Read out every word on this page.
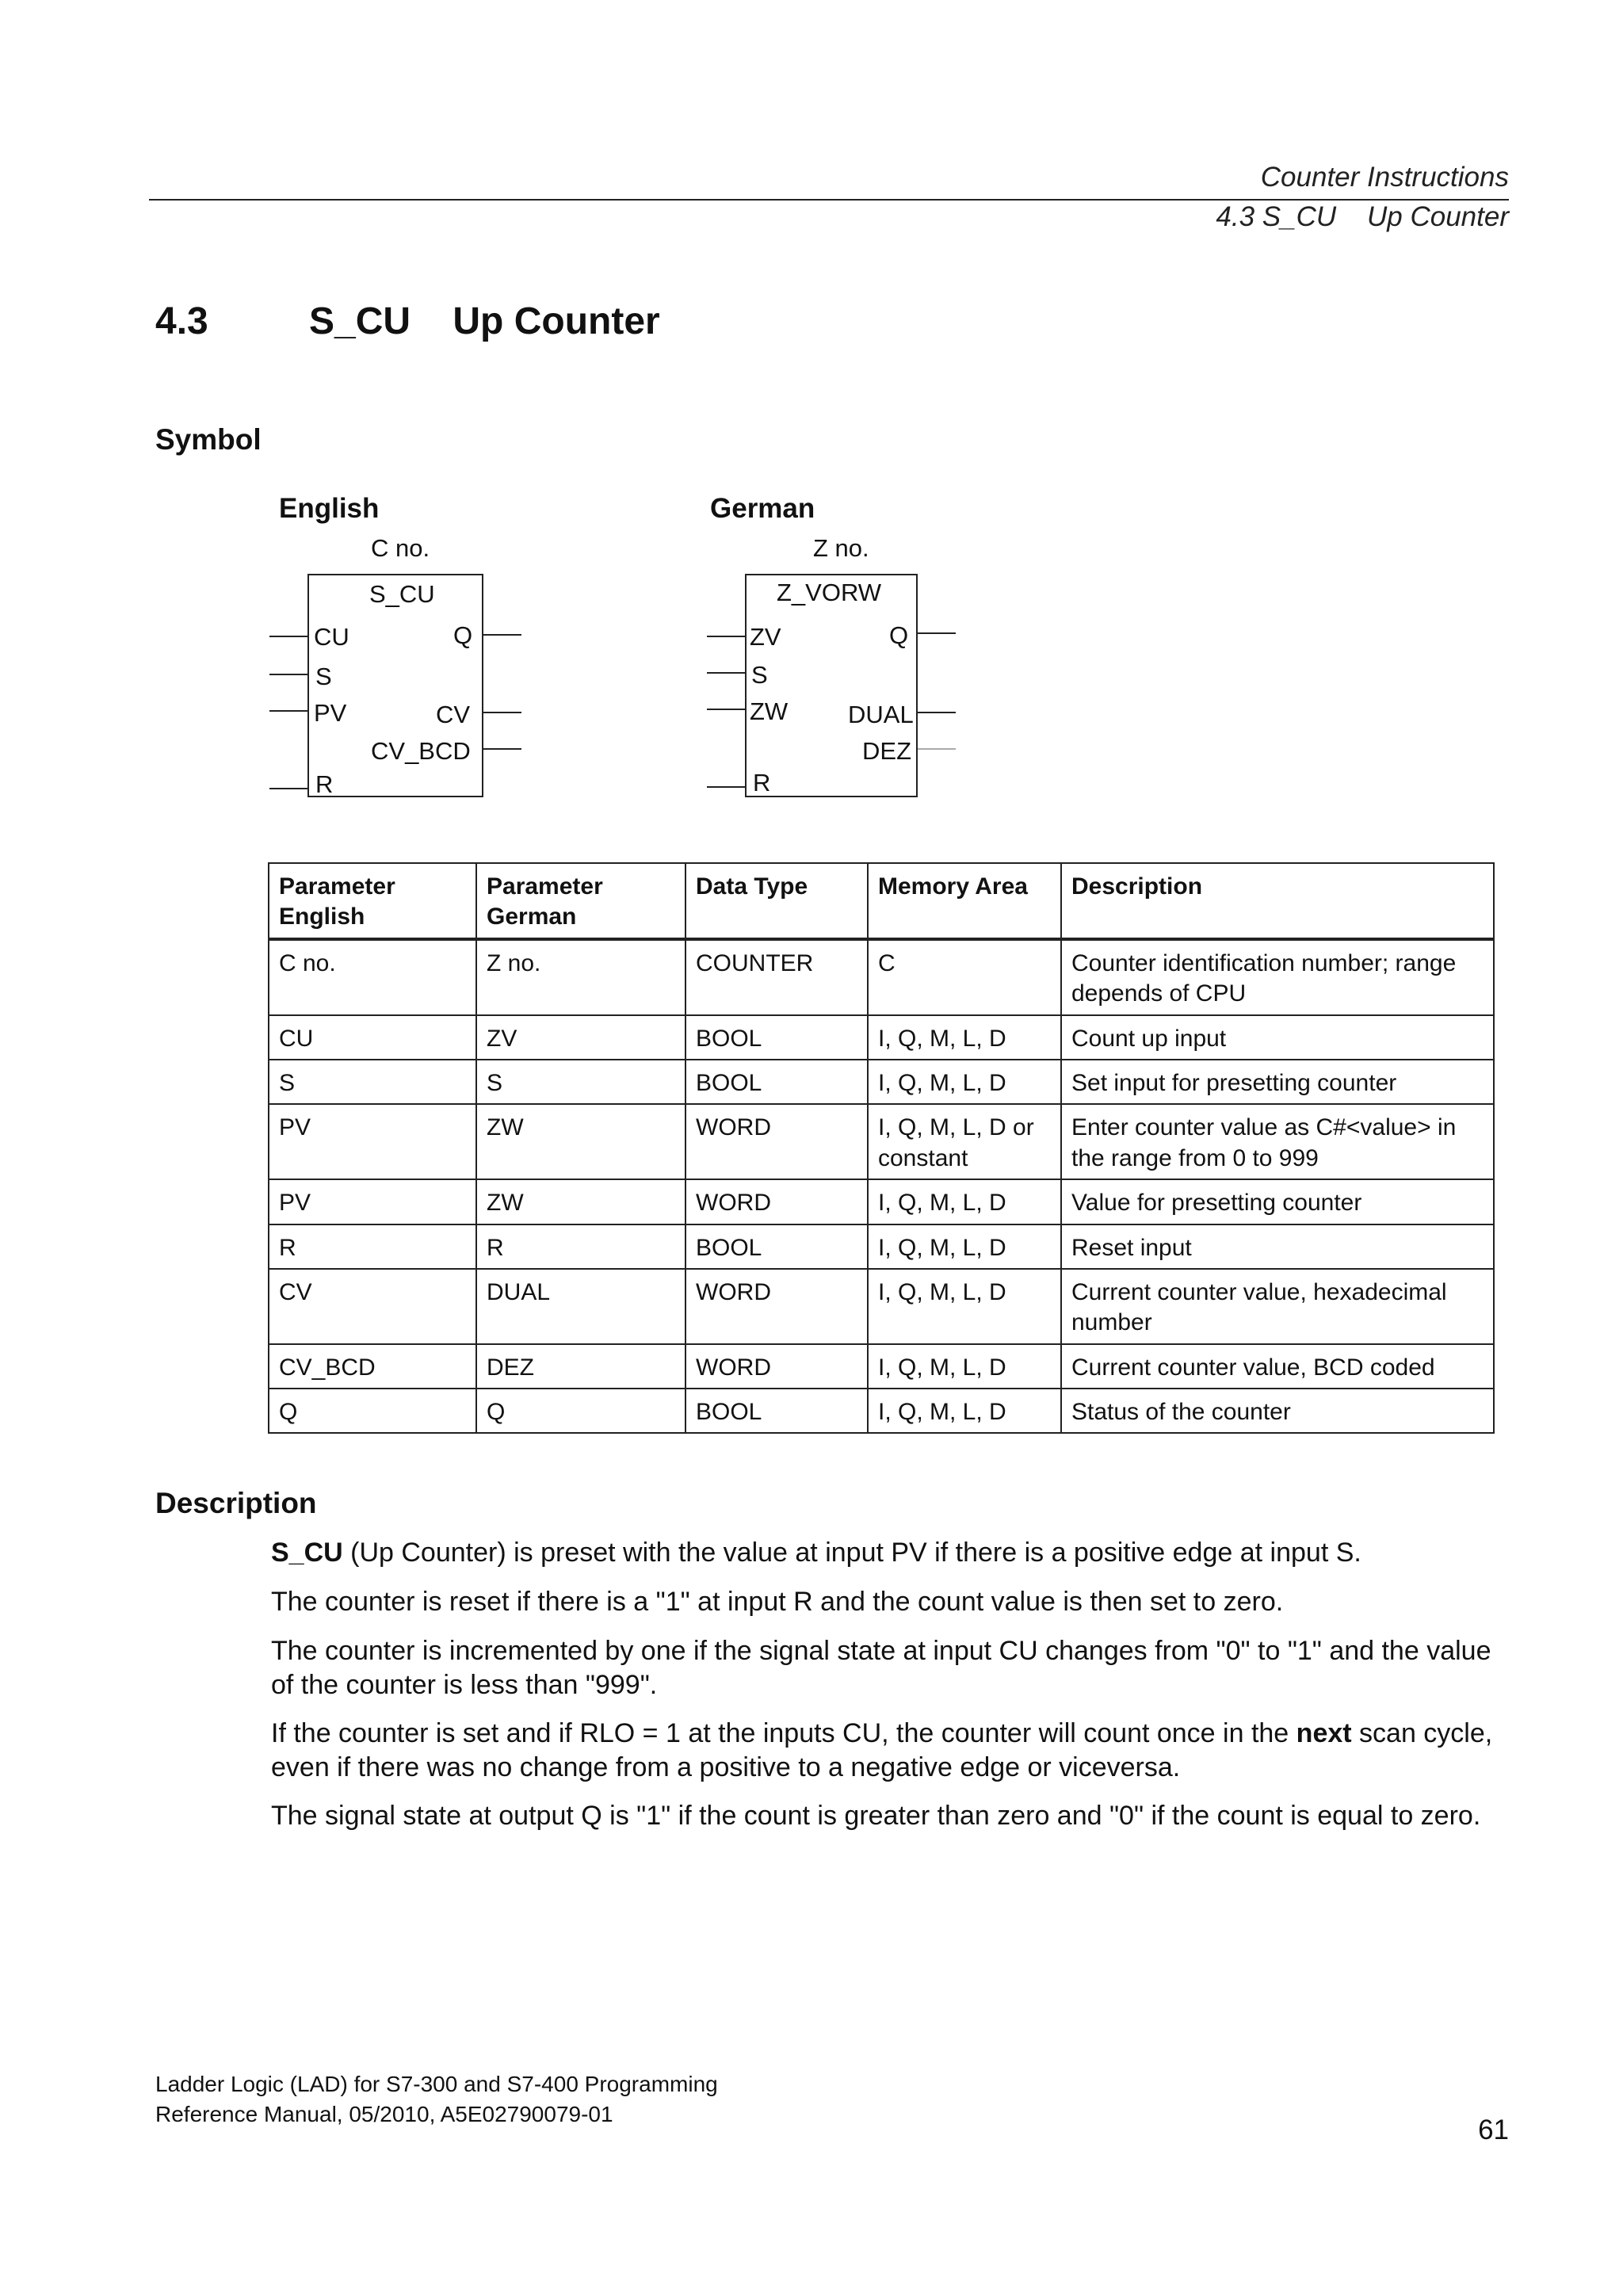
Counter Instructions
4.3 S_CU    Up Counter
4.3	S_CU    Up Counter
Symbol
English
C no.
S_CU
CU
S
PV
R
Q
CV
CV_BCD
German
Z no.
Z_VORW
ZV
S
ZW
R
Q
DUAL
DEZ
Parameter English	Parameter German	Data Type	Memory Area	Description
C no.	Z no.	COUNTER	C	Counter identification number; range depends of CPU
CU	ZV	BOOL	I, Q, M, L, D	Count up input
S	S	BOOL	I, Q, M, L, D	Set input for presetting counter
PV	ZW	WORD	I, Q, M, L, D or constant	Enter counter value as C#<value> in the range from 0 to 999
PV	ZW	WORD	I, Q, M, L, D	Value for presetting counter
R	R	BOOL	I, Q, M, L, D	Reset input
CV	DUAL	WORD	I, Q, M, L, D	Current counter value, hexadecimal number
CV_BCD	DEZ	WORD	I, Q, M, L, D	Current counter value, BCD coded
Q	Q	BOOL	I, Q, M, L, D	Status of the counter
Description
S_CU (Up Counter) is preset with the value at input PV if there is a positive edge at input S.
The counter is reset if there is a "1" at input R and the count value is then set to zero.
The counter is incremented by one if the signal state at input CU changes from "0" to "1" and the value of the counter is less than "999".
If the counter is set and if RLO = 1 at the inputs CU, the counter will count once in the next scan cycle, even if there was no change from a positive to a negative edge or viceversa.
The signal state at output Q is "1" if the count is greater than zero and "0" if the count is equal to zero.
Ladder Logic (LAD) for S7-300 and S7-400 Programming
Reference Manual, 05/2010, A5E02790079-01
61
